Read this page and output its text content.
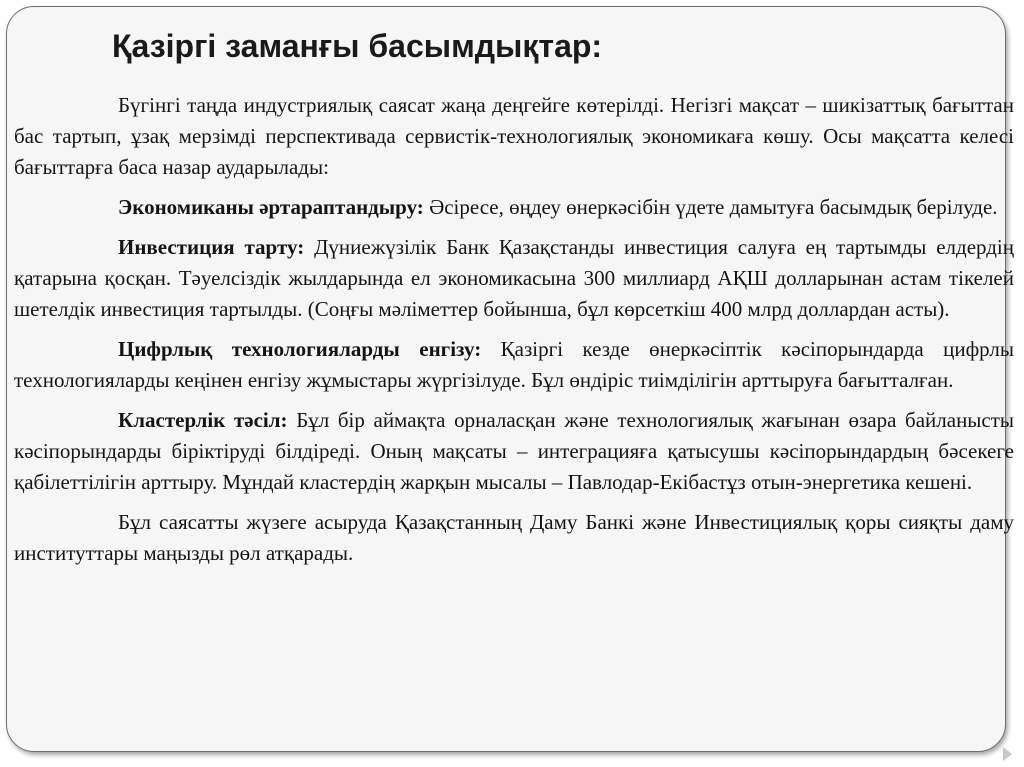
Қазіргі заманғы басымдықтар:

Бүгінгі таңда индустриялық саясат жаңа деңгейге көтерілді. Негізгі мақсат – шикізаттық бағыттан бас тартып, ұзақ мерзімді перспективада сервистік-технологиялық экономикаға көшу. Осы мақсатта келесі бағыттарға баса назар аударылады:

Экономиканы әртараптандыру: Әсіресе, өңдеу өнеркәсібін үдете дамытуға басымдық берілуде.

Инвестиция тарту: Дүниежүзілік Банк Қазақстанды инвестиция салуға ең тартымды елдердің қатарына қосқан. Тәуелсіздік жылдарында ел экономикасына 300 миллиард АҚШ долларынан астам тікелей шетелдік инвестиция тартылды. (Соңғы мәліметтер бойынша, бұл көрсеткіш 400 млрд доллардан асты).

Цифрлық технологияларды енгізу: Қазіргі кезде өнеркәсіптік кәсіпорындарда цифрлы технологияларды кеңінен енгізу жұмыстары жүргізілуде. Бұл өндіріс тиімділігін арттыруға бағытталған.

Кластерлік тәсіл: Бұл бір аймақта орналасқан және технологиялық жағынан өзара байланысты кәсіпорындарды біріктіруді білдіреді. Оның мақсаты – интеграцияға қатысушы кәсіпорындардың бәсекеге қабілеттілігін арттыру. Мұндай кластердің жарқын мысалы – Павлодар-Екібастұз отын-энергетика кешені.

Бұл саясатты жүзеге асыруда Қазақстанның Даму Банкі және Инвестициялық қоры сияқты даму институттары маңызды рөл атқарады.
